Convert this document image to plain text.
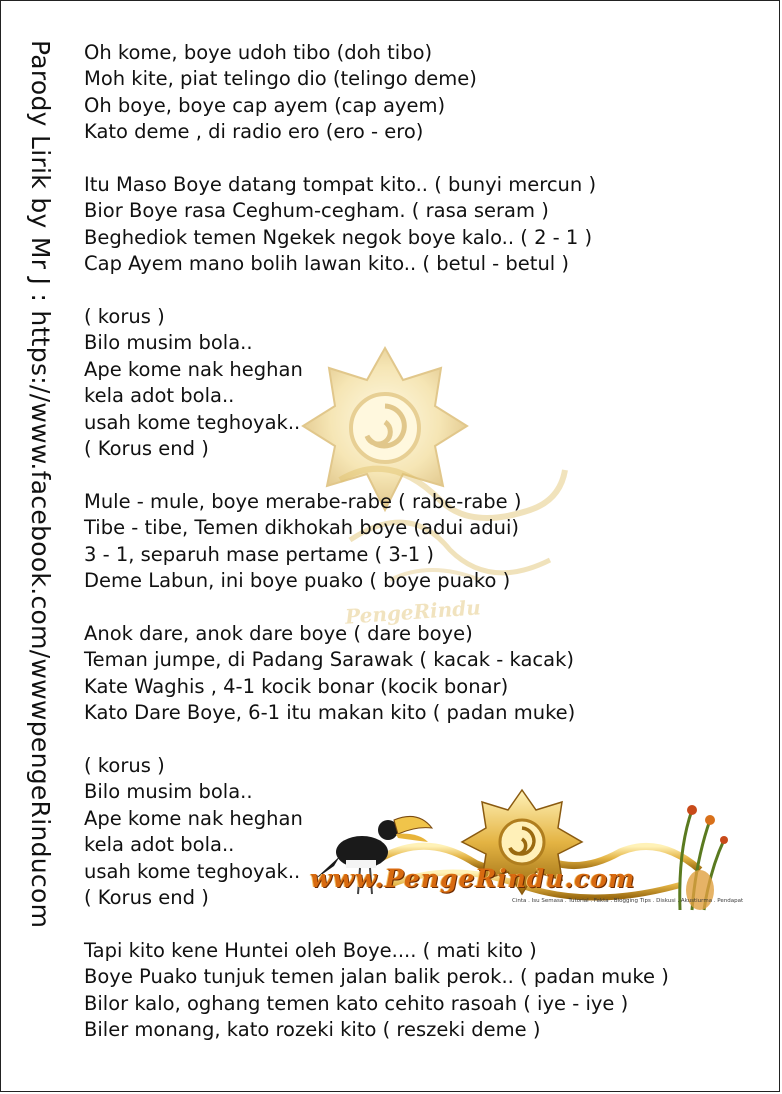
Parody Lirik by Mr J : https://www.facebook.com/wwwpengeRinducom	PengeRindu
www.PengeRindu.com
Cinta . Isu Semasa . Tutorial . Fakta . Blogging Tips . Diskusi . Akustiurma . Pendapat
Oh kome, boye udoh tibo (doh tibo)
Moh kite, piat telingo dio (telingo deme)
Oh boye, boye cap ayem (cap ayem)
Kato deme , di radio ero (ero - ero)
Itu Maso Boye datang tompat kito.. ( bunyi mercun )
Bior Boye rasa Ceghum-cegham. ( rasa seram )
Beghediok temen Ngekek negok boye kalo.. ( 2 - 1 )
Cap Ayem mano bolih lawan kito.. ( betul - betul )
( korus )
Bilo musim bola..
Ape kome nak heghan
kela adot bola..
usah kome teghoyak..
( Korus end )
Mule - mule, boye merabe-rabe ( rabe-rabe )
Tibe - tibe, Temen dikhokah boye (adui adui)
3 - 1, separuh mase pertame ( 3-1 )
Deme Labun, ini boye puako ( boye puako )
Anok dare, anok dare boye ( dare boye)
Teman jumpe, di Padang Sarawak ( kacak - kacak)
Kate Waghis , 4-1 kocik bonar (kocik bonar)
Kato Dare Boye, 6-1 itu makan kito ( padan muke)
( korus )
Bilo musim bola..
Ape kome nak heghan
kela adot bola..
usah kome teghoyak..
( Korus end )
Tapi kito kene Huntei oleh Boye.... ( mati kito )
Boye Puako tunjuk temen jalan balik perok.. ( padan muke )
Bilor kalo, oghang temen kato cehito rasoah ( iye - iye )
Biler monang, kato rozeki kito ( reszeki deme )
